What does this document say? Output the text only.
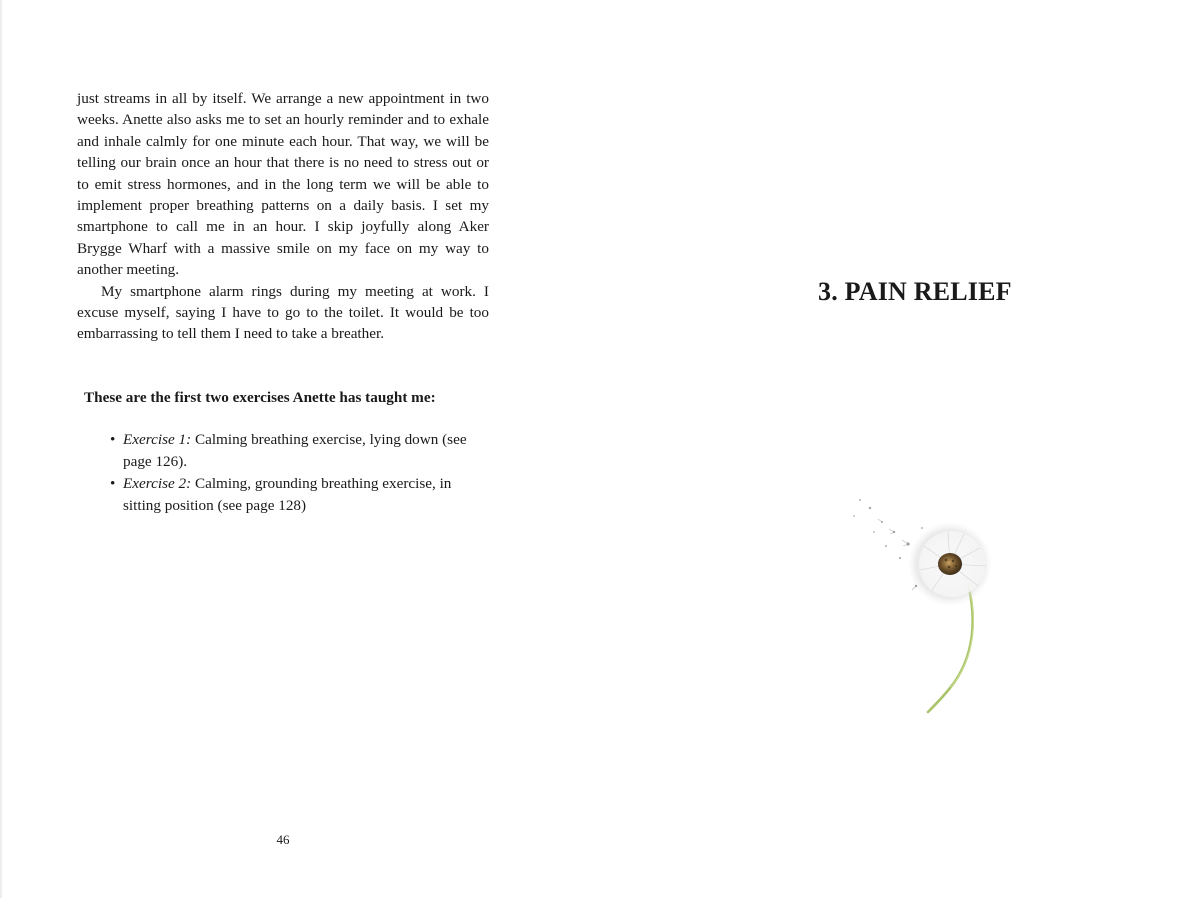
just streams in all by itself. We arrange a new appointment in two weeks. Anette also asks me to set an hourly reminder and to exhale and inhale calmly for one minute each hour. That way, we will be telling our brain once an hour that there is no need to stress out or to emit stress hormones, and in the long term we will be able to implement proper breathing patterns on a daily basis. I set my smartphone to call me in an hour. I skip joyfully along Aker Brygge Wharf with a massive smile on my face on my way to another meeting.

My smartphone alarm rings during my meeting at work. I excuse myself, saying I have to go to the toilet. It would be too embarrassing to tell them I need to take a breather.

These are the first two exercises Anette has taught me:
• Exercise 1: Calming breathing exercise, lying down (see page 126).
• Exercise 2: Calming, grounding breathing exercise, in sitting position (see page 128)
46
3. PAIN RELIEF
